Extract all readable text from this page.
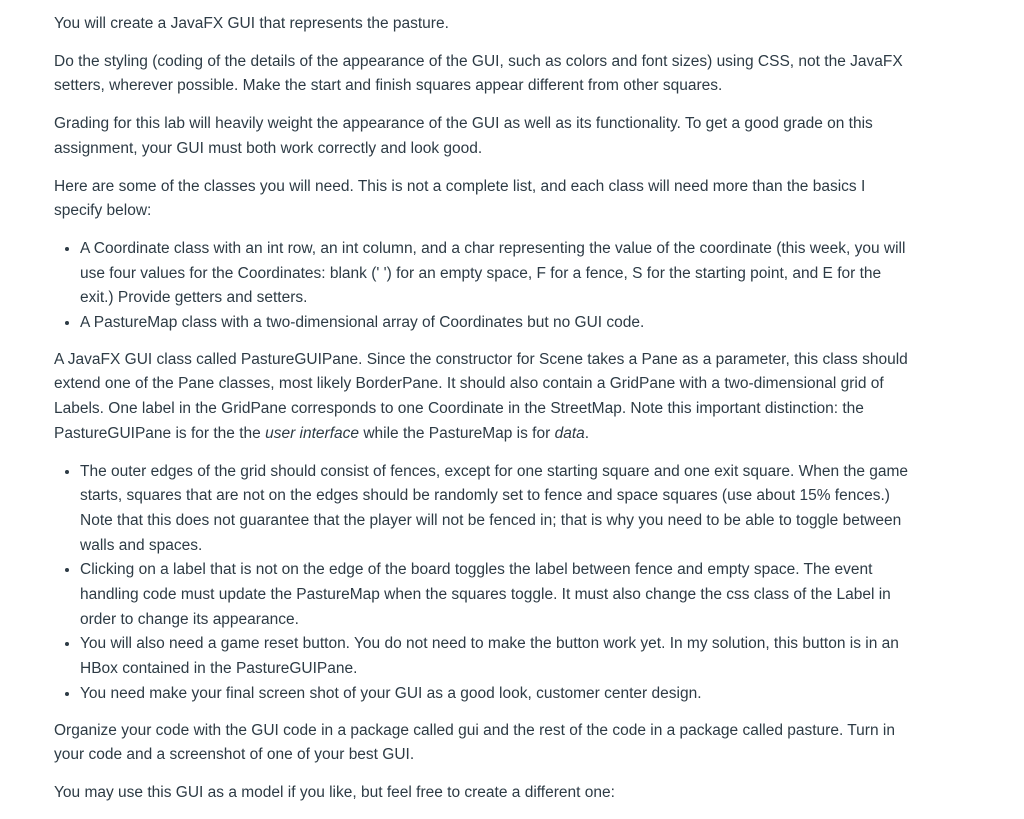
You will create a JavaFX GUI that represents the pasture.

Do the styling (coding of the details of the appearance of the GUI, such as colors and font sizes) using CSS, not the JavaFX setters, wherever possible. Make the start and finish squares appear different from other squares.

Grading for this lab will heavily weight the appearance of the GUI as well as its functionality. To get a good grade on this assignment, your GUI must both work correctly and look good.

Here are some of the classes you will need. This is not a complete list, and each class will need more than the basics I specify below:

• A Coordinate class with an int row, an int column, and a char representing the value of the coordinate (this week, you will use four values for the Coordinates: blank (' ') for an empty space, F for a fence, S for the starting point, and E for the exit.) Provide getters and setters.
• A PastureMap class with a two-dimensional array of Coordinates but no GUI code.

A JavaFX GUI class called PastureGUIPane. Since the constructor for Scene takes a Pane as a parameter, this class should extend one of the Pane classes, most likely BorderPane. It should also contain a GridPane with a two-dimensional grid of Labels. One label in the GridPane corresponds to one Coordinate in the StreetMap. Note this important distinction: the PastureGUIPane is for the the user interface while the PastureMap is for data.

• The outer edges of the grid should consist of fences, except for one starting square and one exit square. When the game starts, squares that are not on the edges should be randomly set to fence and space squares (use about 15% fences.) Note that this does not guarantee that the player will not be fenced in; that is why you need to be able to toggle between walls and spaces.
• Clicking on a label that is not on the edge of the board toggles the label between fence and empty space. The event handling code must update the PastureMap when the squares toggle. It must also change the css class of the Label in order to change its appearance.
• You will also need a game reset button. You do not need to make the button work yet. In my solution, this button is in an HBox contained in the PastureGUIPane.
• You need make your final screen shot of your GUI as a good look, customer center design.

Organize your code with the GUI code in a package called gui and the rest of the code in a package called pasture. Turn in your code and a screenshot of one of your best GUI.

You may use this GUI as a model if you like, but feel free to create a different one:
